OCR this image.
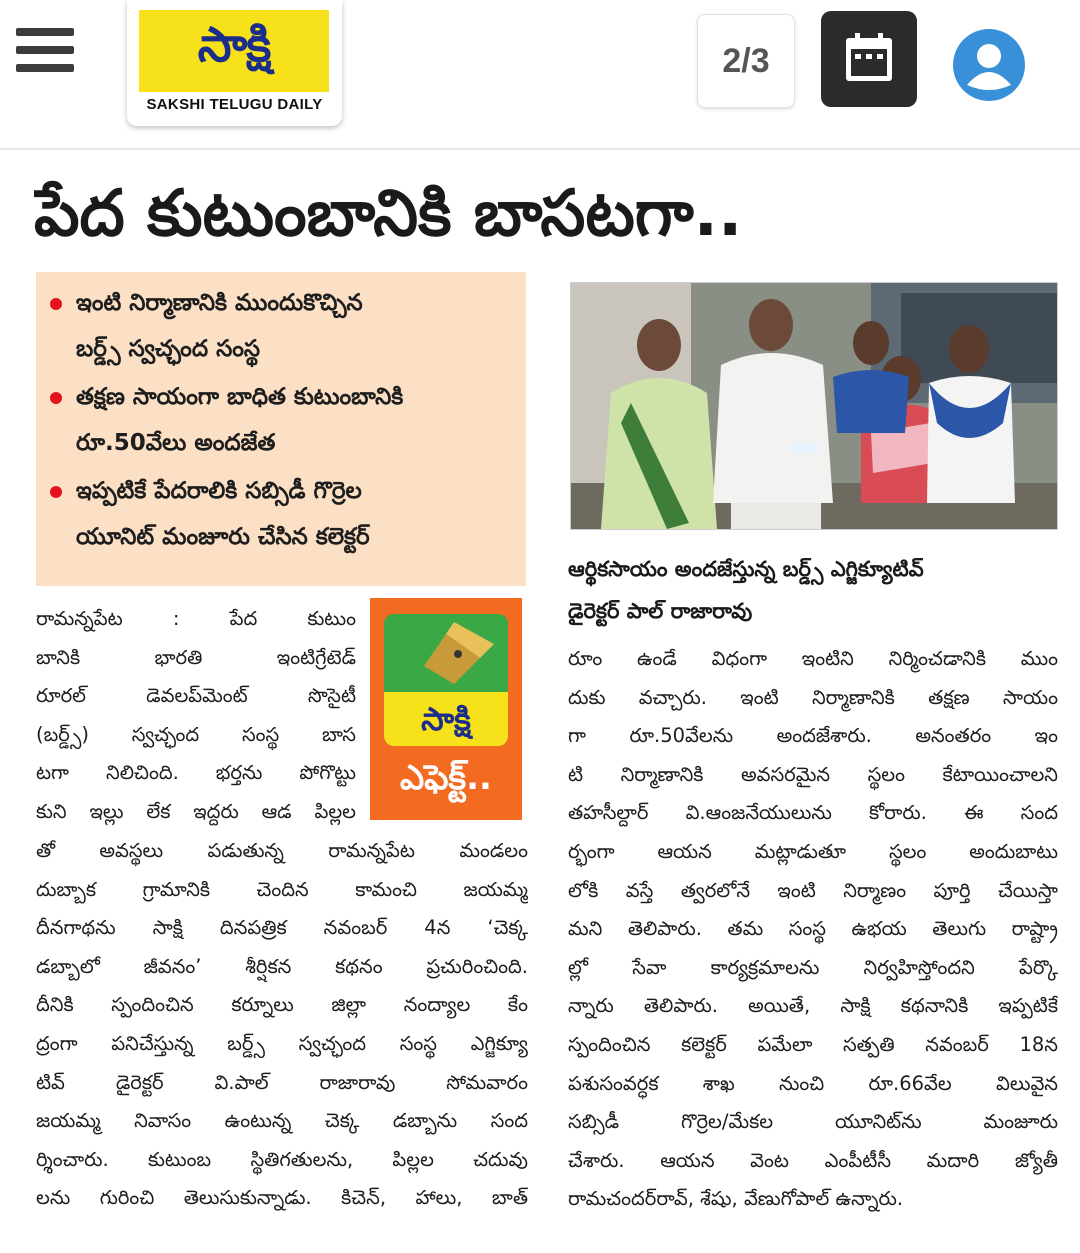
సాక్షి
SAKSHI TELUGU DAILY
2/3
పేద కుటుంబానికి బాసటగా..
ఇంటి నిర్మాణానికి ముందుకొచ్చిన
బర్డ్స్ స్వచ్ఛంద సంస్థ
తక్షణ సాయంగా బాధిత కుటుంబానికి
రూ.50వేలు అందజేత
ఇప్పటికే పేదరాలికి సబ్సిడీ గొర్రెల
యూనిట్ మంజూరు చేసిన కలెక్టర్
ఆర్థికసాయం అందజేస్తున్న బర్డ్స్ ఎగ్జిక్యూటివ్
డైరెక్టర్ పాల్ రాజారావు
సాక్షి
ఎఫెక్ట్..
రామన్నపేట : పేద కుటుం
బానికి భారతి ఇంటిగ్రేటెడ్
రూరల్ డెవలప్‌మెంట్ సొసైటీ
(బర్డ్స్) స్వచ్ఛంద సంస్థ బాస
టగా నిలిచింది. భర్తను పోగొట్టు
కుని ఇల్లు లేక ఇద్దరు ఆడ పిల్లల
తో అవస్థలు పడుతున్న రామన్నపేట మండలం
దుబ్బాక గ్రామానికి చెందిన కామంచి జయమ్మ
దీనగాథను సాక్షి దినపత్రిక నవంబర్ 4న ‘చెక్క
డబ్బాలో జీవనం’ శీర్షికన కథనం ప్రచురించింది.
దీనికి స్పందించిన కర్నూలు జిల్లా నంద్యాల కేం
ద్రంగా పనిచేస్తున్న బర్డ్స్ స్వచ్ఛంద సంస్థ ఎగ్జిక్యూ
టివ్ డైరెక్టర్ వి.పాల్ రాజారావు సోమవారం
జయమ్మ నివాసం ఉంటున్న చెక్క డబ్బాను సంద
ర్శించారు. కుటుంబ స్థితిగతులను, పిల్లల చదువు
లను గురించి తెలుసుకున్నాడు. కిచెన్, హాలు, బాత్
రూం ఉండే విధంగా ఇంటిని నిర్మించడానికి ముం
దుకు వచ్చారు. ఇంటి నిర్మాణానికి తక్షణ సాయం
గా రూ.50వేలను అందజేశారు. అనంతరం ఇం
టి నిర్మాణానికి అవసరమైన స్థలం కేటాయించాలని
తహసీల్దార్ వి.ఆంజనేయులును కోరారు. ఈ సంద
ర్భంగా ఆయన మట్లాడుతూ స్థలం అందుబాటు
లోకి వస్తే త్వరలోనే ఇంటి నిర్మాణం పూర్తి చేయిస్తా
మని తెలిపారు. తమ సంస్థ ఉభయ తెలుగు రాష్ట్రా
ల్లో సేవా కార్యక్రమాలను నిర్వహిస్తోందని పేర్కొ
న్నారు తెలిపారు. అయితే, సాక్షి కథనానికి ఇప్పటికే
స్పందించిన కలెక్టర్ పమేలా సత్పతి నవంబర్ 18న
పశుసంవర్ధక శాఖ నుంచి రూ.66వేల విలువైన
సబ్సిడీ గొర్రెల/మేకల యూనిట్‌ను మంజూరు
చేశారు. ఆయన వెంట ఎంపీటీసీ మదారి జ్యోతీ
రామచందర్‌రావ్, శేషు, వేణుగోపాల్ ఉన్నారు.
